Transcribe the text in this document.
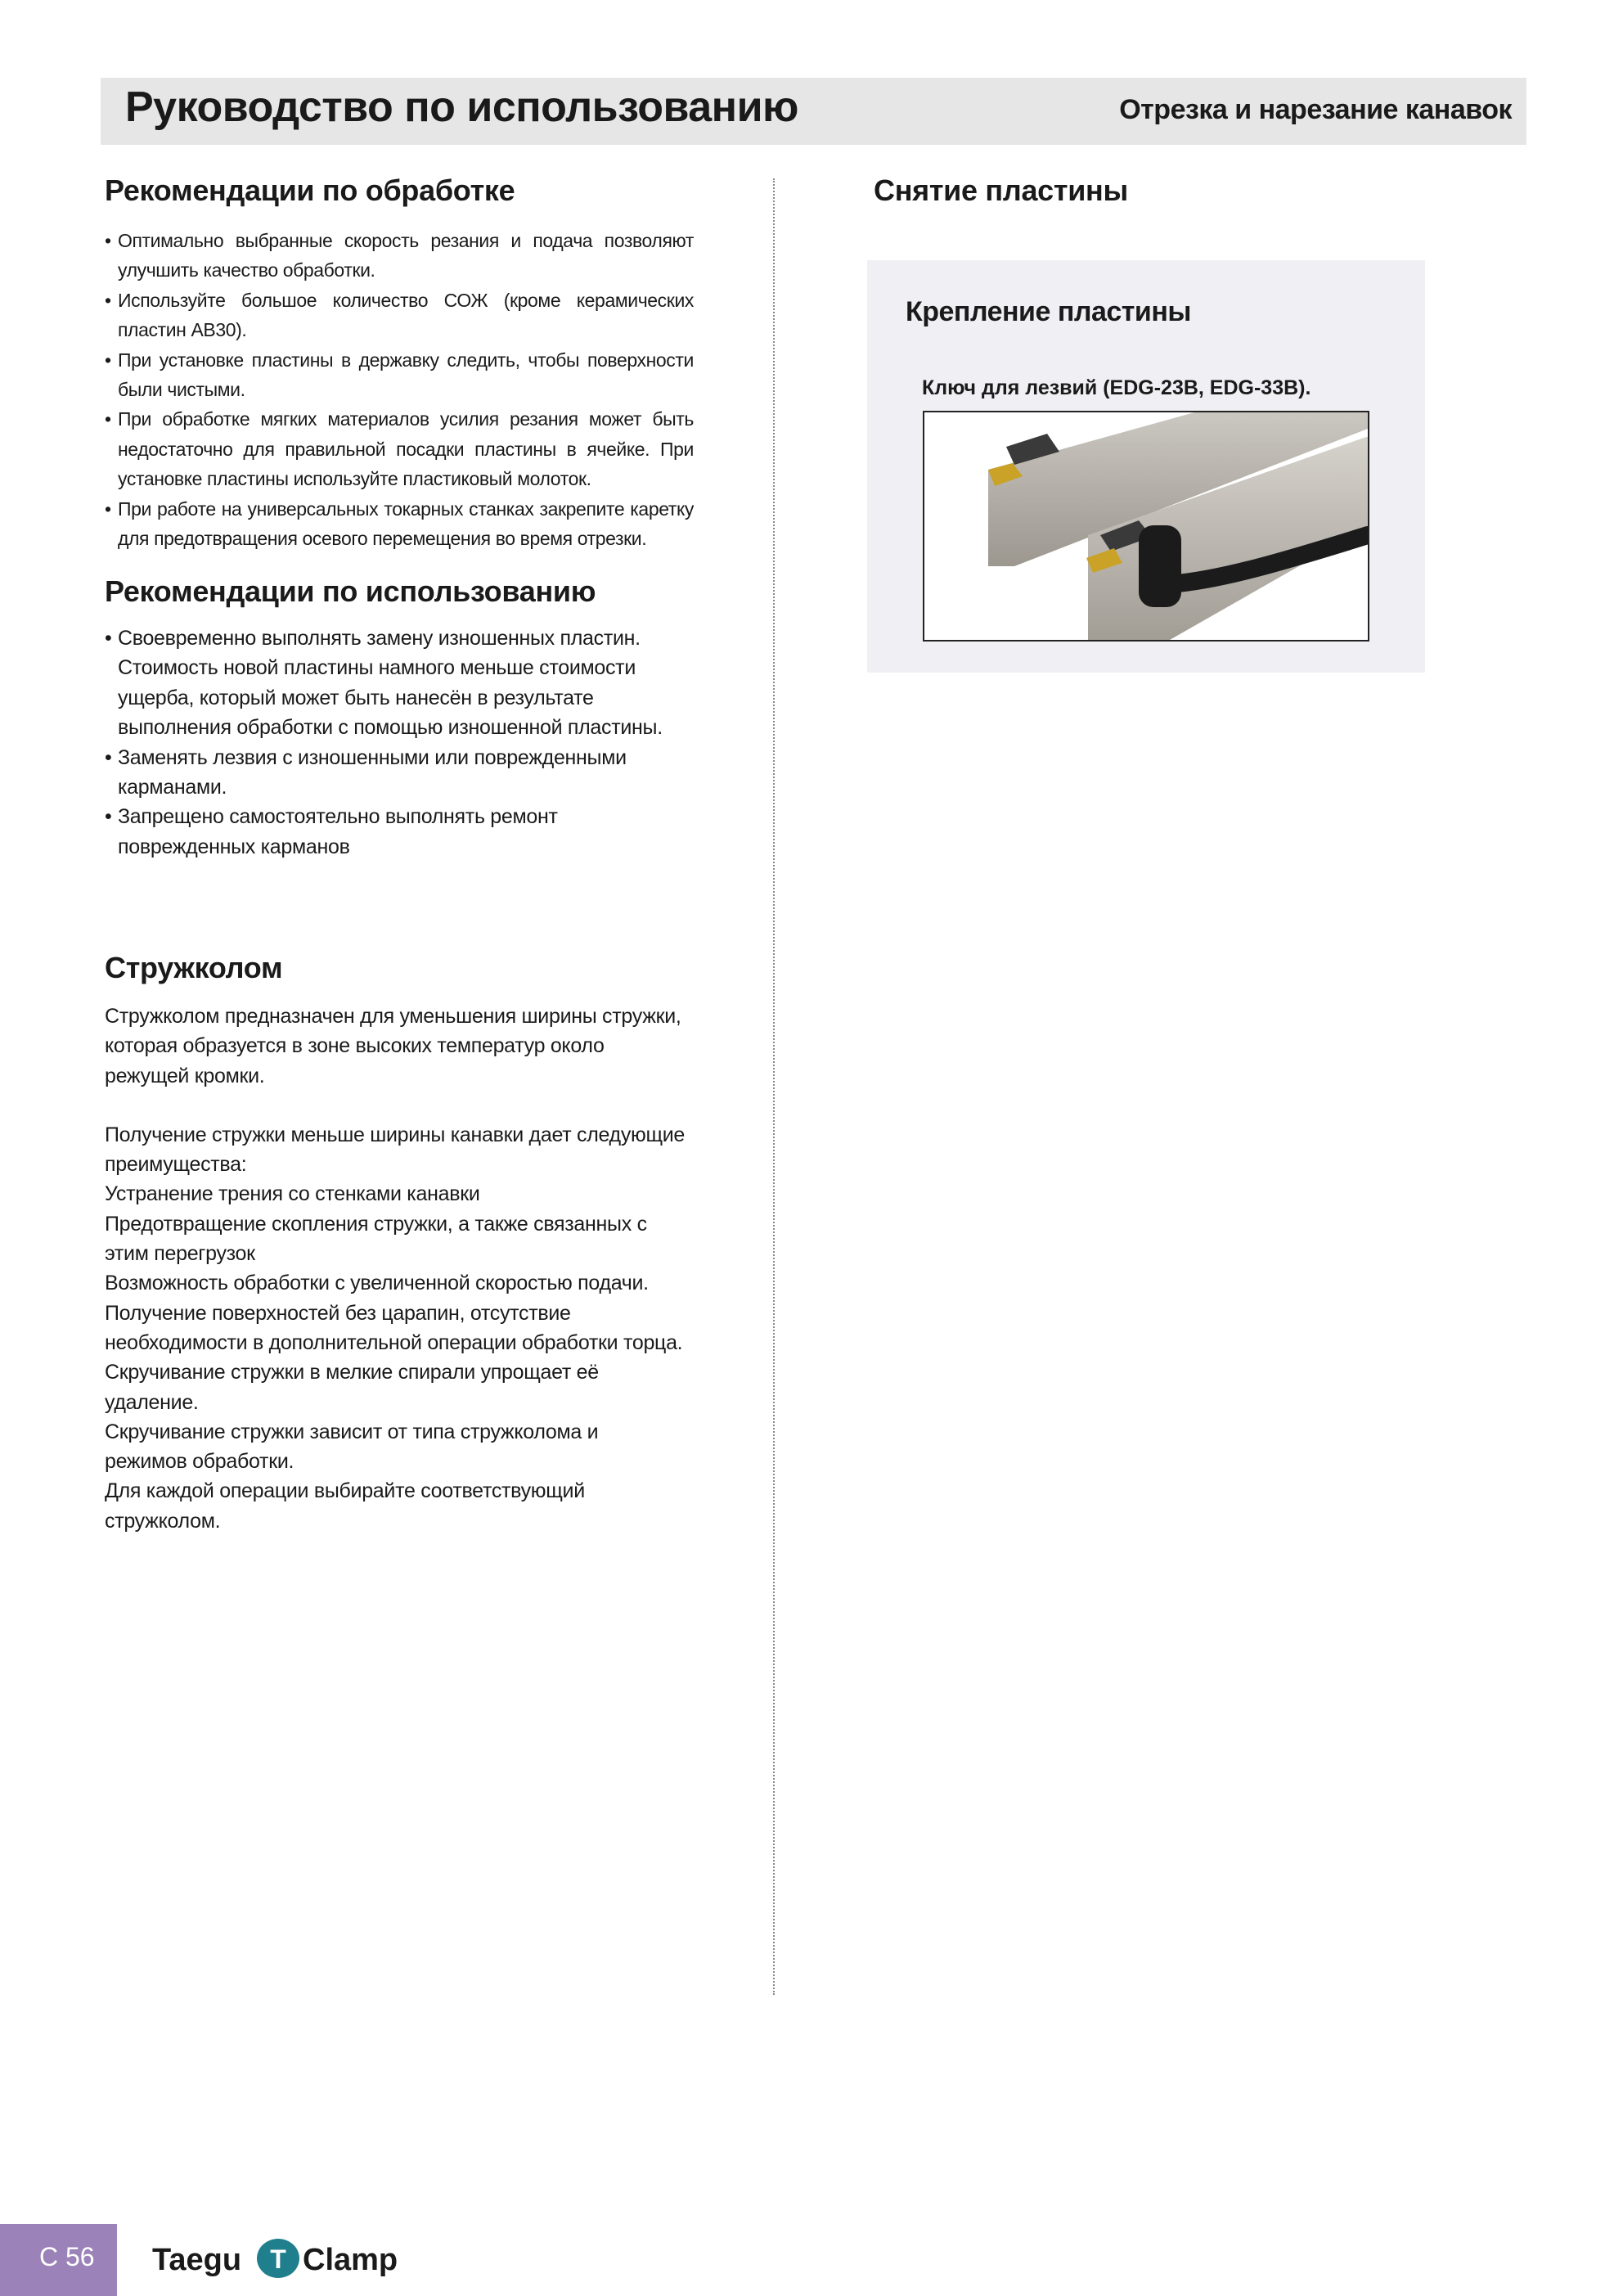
Руководство по использованию	Отрезка и нарезание канавок
Рекомендации по обработке
• Оптимально выбранные скорость резания и подача позволяют улучшить качество обработки.
• Используйте большое количество СОЖ (кроме керамических пластин AB30).
• При установке пластины в державку следить, чтобы поверхности были чистыми.
• При обработке мягких материалов усилия резания может быть недостаточно для правильной посадки пластины в ячейке. При установке пластины используйте пластиковый молоток.
• При работе на универсальных токарных станках закрепите каретку для предотвращения осевого перемещения во время отрезки.
Рекомендации по использованию
• Своевременно выполнять замену изношенных пластин. Стоимость новой пластины намного меньше стоимости ущерба, который может быть нанесён в результате выполнения обработки с помощью изношенной пластины.
• Заменять лезвия с изношенными или поврежденными карманами.
• Запрещено самостоятельно выполнять ремонт поврежденных карманов
Стружколом
Стружколом предназначен для уменьшения ширины стружки,
которая образуется в зоне высоких температур около
режущей кромки.
Получение стружки меньше ширины канавки дает следующие
преимущества:
Устранение трения со стенками канавки
Предотвращение скопления стружки, а также связанных с
этим перегрузок
Возможность обработки с увеличенной скоростью подачи.
Получение поверхностей без царапин, отсутствие
необходимости в дополнительной операции обработки торца.
Скручивание стружки в мелкие спирали упрощает её
удаление.
Скручивание стружки зависит от типа стружколома и
режимов обработки.
Для каждой операции выбирайте соответствующий
стружколом.
Снятие пластины
Крепление пластины
Ключ для лезвий (EDG-23B, EDG-33B).
C 56 Taegu T Clamp
